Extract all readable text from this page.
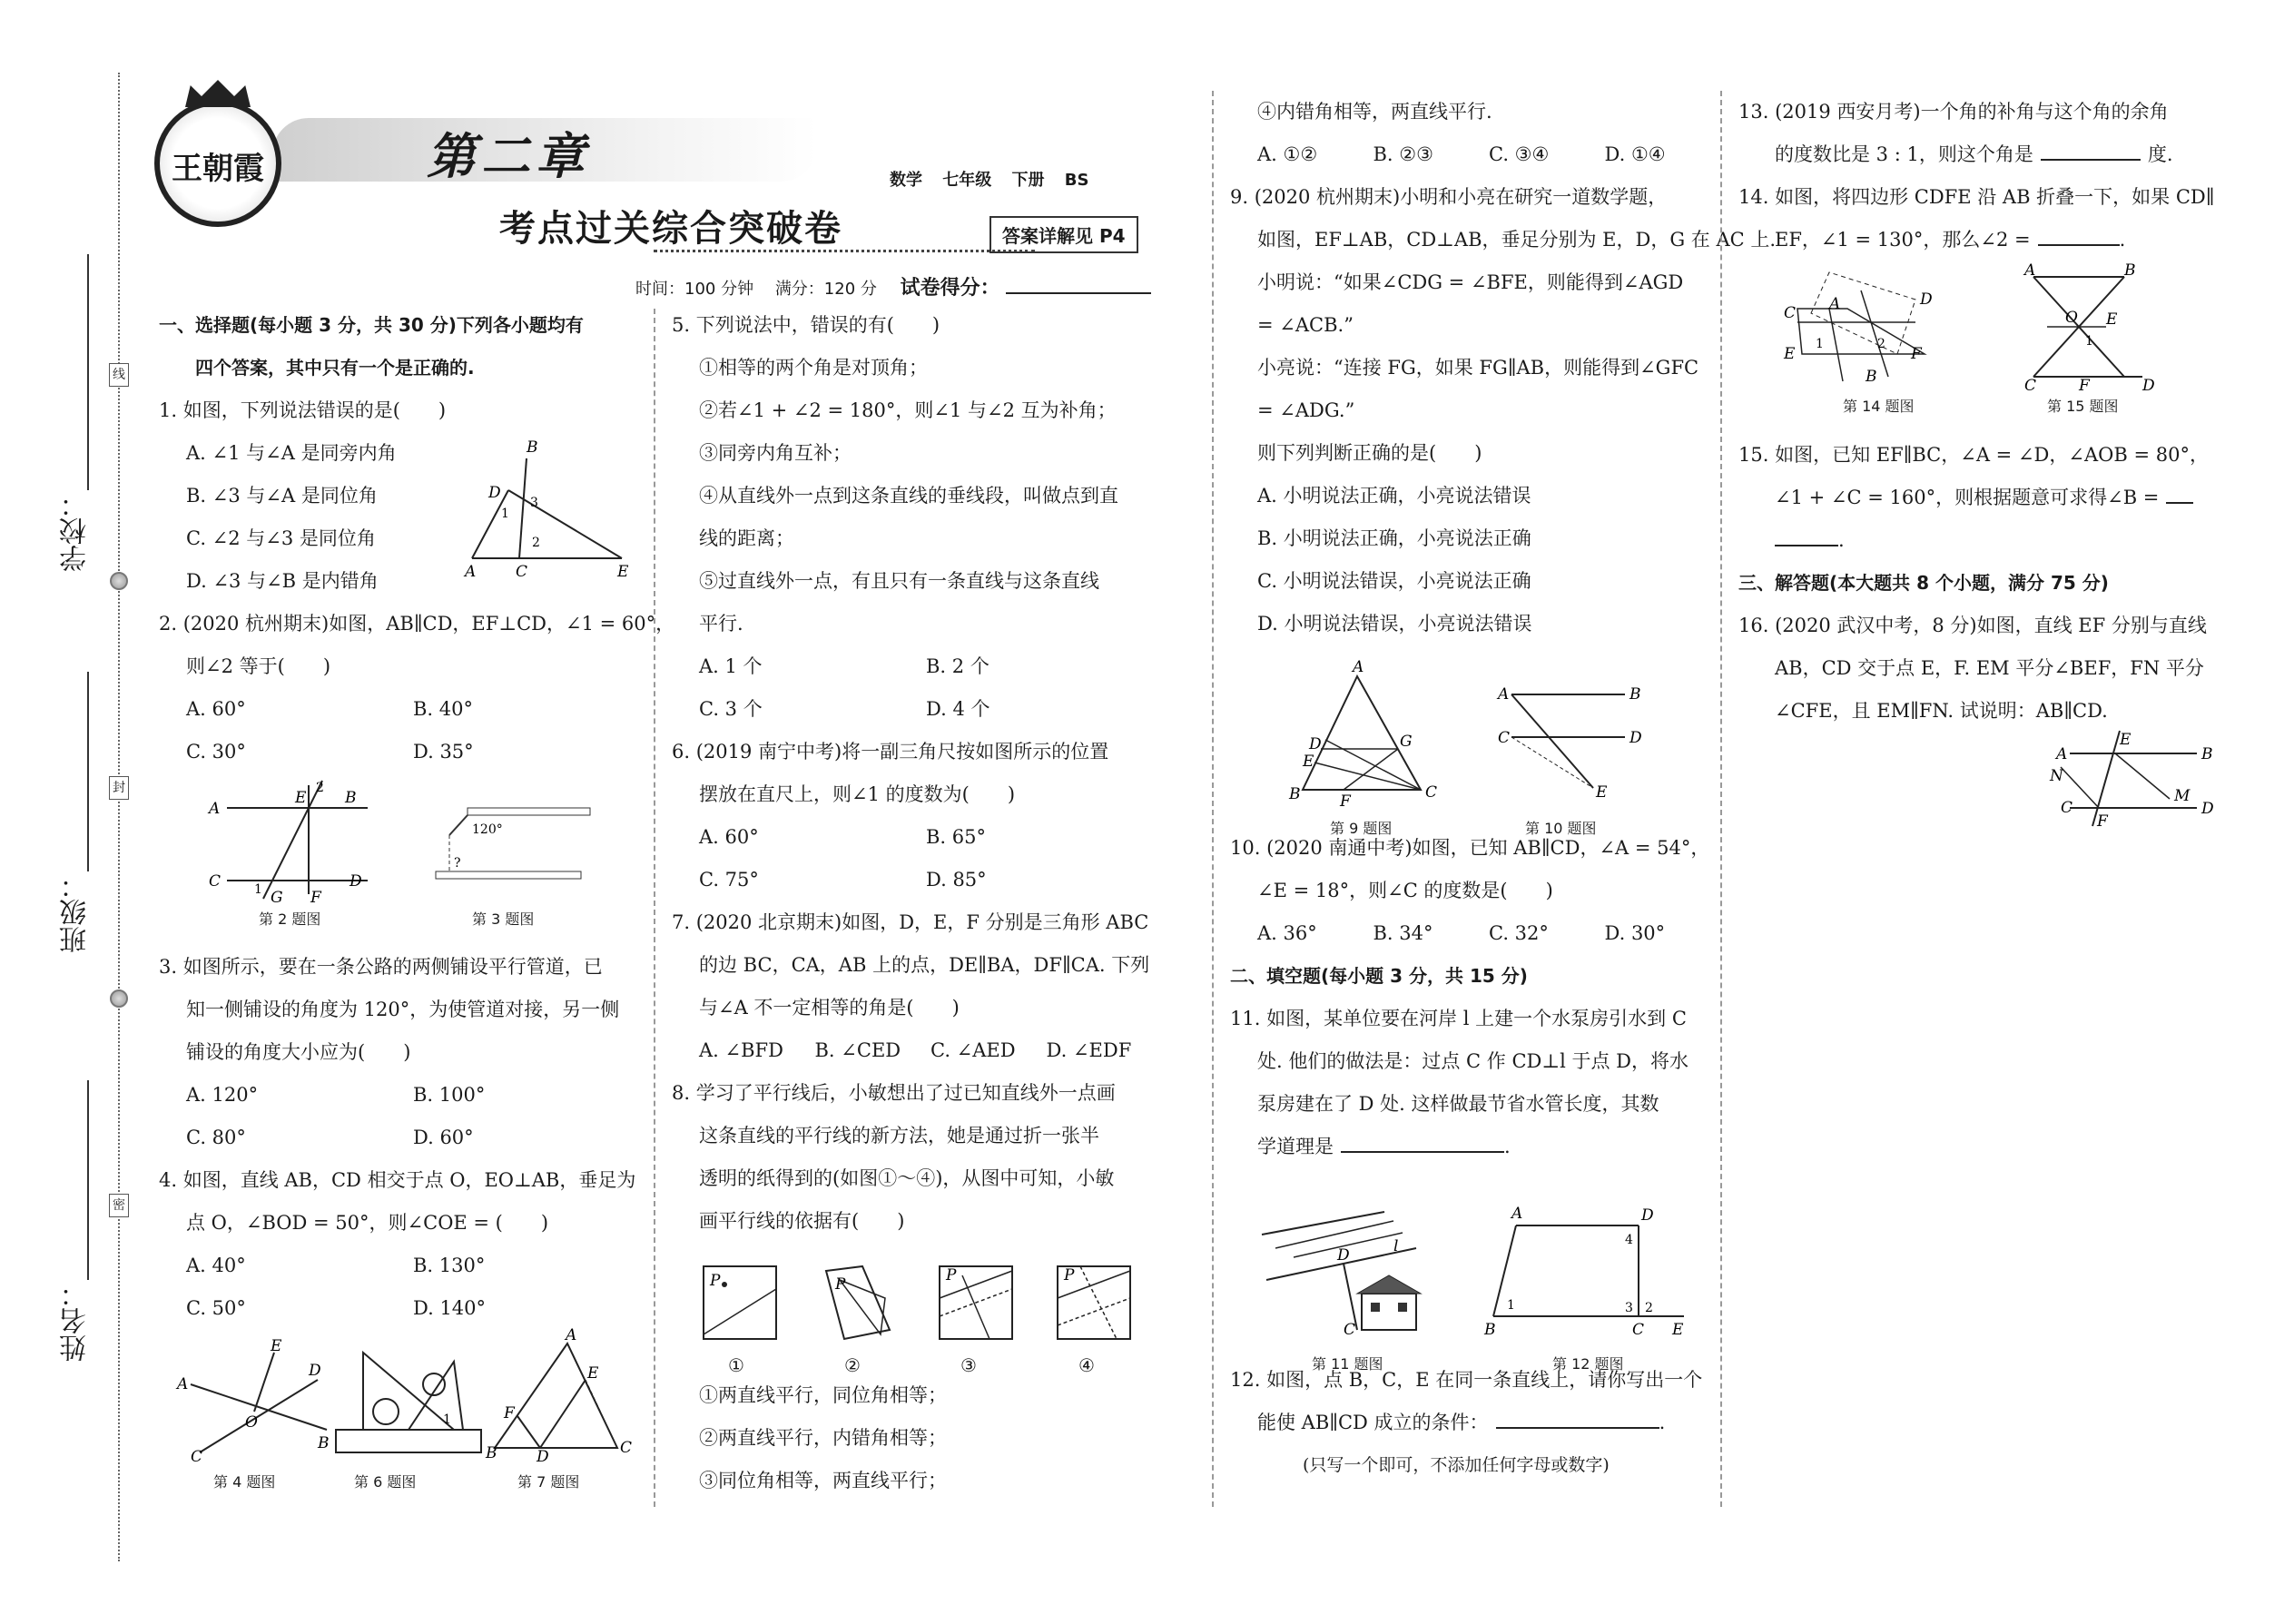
学校：
班级：
姓名：
线
封
密
王朝霞	第二章
考点过关综合突破卷
数学 七年级 下册 BS
答案详解见 P4
时间：100 分钟　 满分：120 分 试卷得分：

一、选择题(每小题 3 分，共 30 分)下列各小题均有

四个答案，其中只有一个是正确的.

1. 如图，下列说法错误的是(　　)

A. ∠1 与∠A 是同旁内角

B. ∠3 与∠A 是同位角

C. ∠2 与∠3 是同位角

D. ∠3 与∠B 是内错角

2. (2020 杭州期末)如图，AB∥CD，EF⊥CD，∠1 = 60°，

则∠2 等于(　　)

A. 60°	B. 40°
C. 30°	D. 35°

3. 如图所示，要在一条公路的两侧铺设平行管道，已

知一侧铺设的角度为 120°，为使管道对接，另一侧

铺设的角度大小应为(　　)

A. 120°	B. 100°
C. 80°	D. 60°

4. 如图，直线 AB，CD 相交于点 O，EO⊥AB，垂足为

点 O，∠BOD = 50°，则∠COE = (　　)

A. 40°	B. 130°
C. 50°	D. 140°
A	C	E
D
B
1
3
2
A
B
C	D
E
G F
2
1
第 2 题图
120°
?
第 3 题图
A
B
C
D
E
O
第 4 题图
1
第 6 题图
A
B	C
F
E
D
第 7 题图

5. 下列说法中，错误的有(　　)

①相等的两个角是对顶角；

②若∠1 + ∠2 = 180°，则∠1 与∠2 互为补角；

③同旁内角互补；

④从直线外一点到这条直线的垂线段，叫做点到直

线的距离；

⑤过直线外一点，有且只有一条直线与这条直线

平行.

A. 1 个	B. 2 个
C. 3 个	D. 4 个

6. (2019 南宁中考)将一副三角尺按如图所示的位置

摆放在直尺上，则∠1 的度数为(　　)

A. 60°	B. 65°
C. 75°	D. 85°

7. (2020 北京期末)如图，D，E，F 分别是三角形 ABC

的边 BC，CA，AB 上的点，DE∥BA，DF∥CA. 下列

与∠A 不一定相等的角是(　　)

A. ∠BFD	B. ∠CED	C. ∠AED	D. ∠EDF

8. 学习了平行线后，小敏想出了过已知直线外一点画

这条直线的平行线的新方法，她是通过折一张半

透明的纸得到的(如图①～④)，从图中可知，小敏

画平行线的依据有(　　)

①两直线平行，同位角相等；

②两直线平行，内错角相等；

③同位角相等，两直线平行；

P	P	P	P
①	②	③	④

④内错角相等，两直线平行.

A. ①②	B. ②③	C. ③④	D. ①④

9. (2020 杭州期末)小明和小亮在研究一道数学题，

如图，EF⊥AB，CD⊥AB，垂足分别为 E，D，G 在 AC 上.

小明说：“如果∠CDG = ∠BFE，则能得到∠AGD

= ∠ACB.”

小亮说：“连接 FG，如果 FG∥AB，则能得到∠GFC

= ∠ADG.”

则下列判断正确的是(　　)

A. 小明说法正确，小亮说法错误

B. 小明说法正确，小亮说法正确

C. 小明说法错误，小亮说法正确

D. 小明说法错误，小亮说法错误

10. (2020 南通中考)如图，已知 AB∥CD，∠A = 54°，

∠E = 18°，则∠C 的度数是(　　)

A. 36°	B. 34°	C. 32°	D. 30°

二、填空题(每小题 3 分，共 15 分)

11. 如图，某单位要在河岸 l 上建一个水泵房引水到 C

处. 他们的做法是：过点 C 作 CD⊥l 于点 D，将水

泵房建在了 D 处. 这样做最节省水管长度，其数

学道理是	.

12. 如图，点 B，C，E 在同一条直线上，请你写出一个

能使 AB∥CD 成立的条件：	.

(只写一个即可，不添加任何字母或数字)

A
B	C
D
E
G
F
第 9 题图
A	B
C	D
E
第 10 题图
D	l
C
第 11 题图
A	D
B	C E
1	2
3
4
第 12 题图

13. (2019 西安月考)一个角的补角与这个角的余角

的度数比是 3 : 1，则这个角是	度.

14. 如图，将四边形 CDFE 沿 AB 折叠一下，如果 CD∥

EF，∠1 = 130°，那么∠2 =	.

15. 如图，已知 EF∥BC，∠A = ∠D，∠AOB = 80°，

∠1 + ∠C = 160°，则根据题意可求得∠B =

.

三、解答题(本大题共 8 个小题，满分 75 分)

16. (2020 武汉中考，8 分)如图，直线 EF 分别与直线

AB，CD 交于点 E，F. EM 平分∠BEF，FN 平分

∠CFE，且 EM∥FN. 试说明：AB∥CD.

C A	D
E
B
F
1	2
第 14 题图
A	B
O E
C	F	D
1
第 15 题图
A	B
N
E
M
C
F
D
